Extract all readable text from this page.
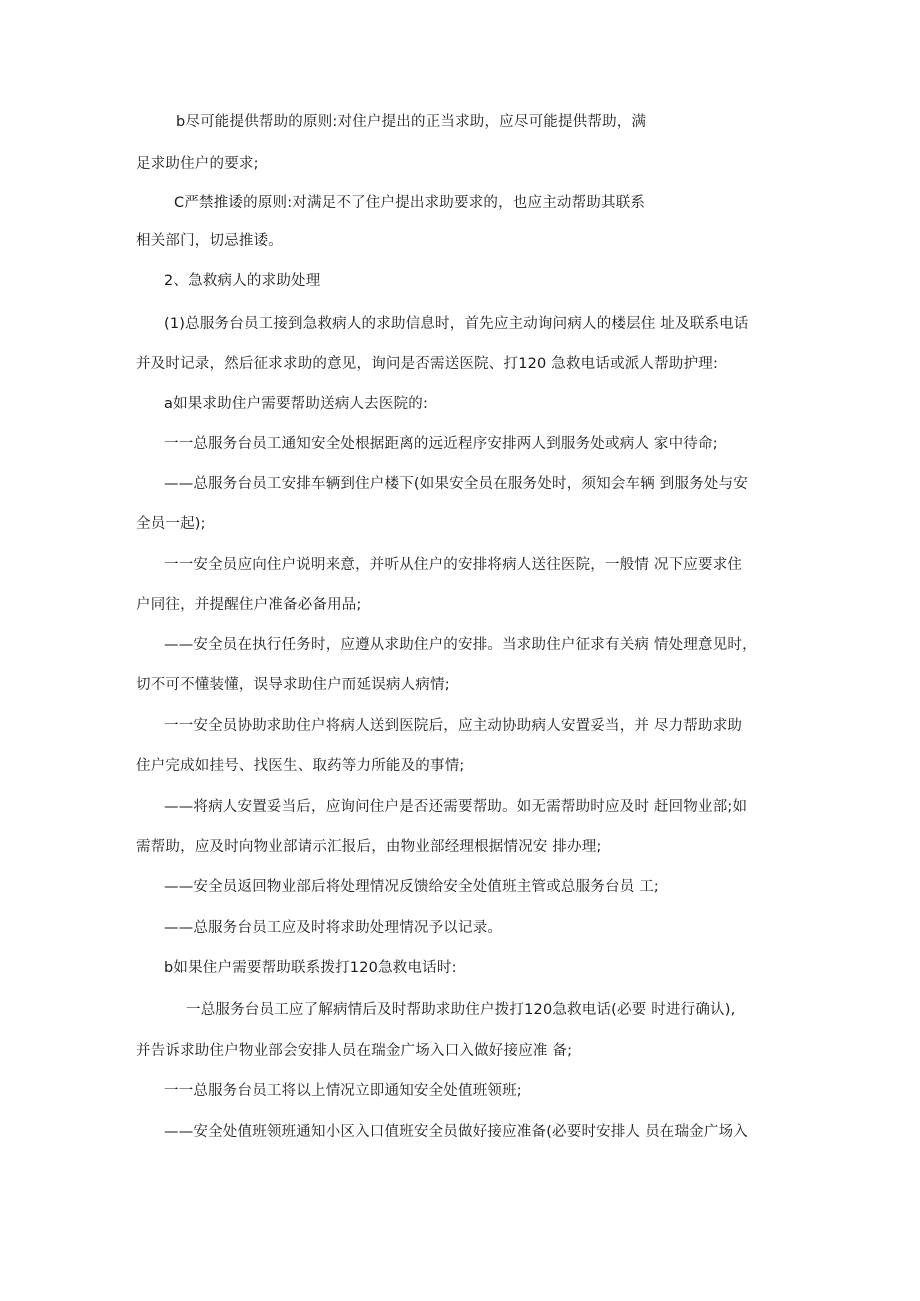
b尽可能提供帮助的原则:对住户提出的正当求助，应尽可能提供帮助，满
足求助住户的要求;
C严禁推诿的原则:对满足不了住户提出求助要求的，也应主动帮助其联系
相关部门，切忌推诿。
2、急救病人的求助处理
(1)总服务台员工接到急救病人的求助信息时，首先应主动询问病人的楼层住 址及联系电话
并及时记录，然后征求求助的意见，询问是否需送医院、打120 急救电话或派人帮助护理:
a如果求助住户需要帮助送病人去医院的:
一一总服务台员工通知安全处根据距离的远近程序安排两人到服务处或病人 家中待命;
——总服务台员工安排车辆到住户楼下(如果安全员在服务处时，须知会车辆 到服务处与安
全员一起);
一一安全员应向住户说明来意，并听从住户的安排将病人送往医院，一般情 况下应要求住
户同往，并提醒住户准备必备用品;
——安全员在执行任务时，应遵从求助住户的安排。当求助住户征求有关病 情处理意见时，
切不可不懂装懂，误导求助住户而延误病人病情;
一一安全员协助求助住户将病人送到医院后，应主动协助病人安置妥当，并 尽力帮助求助
住户完成如挂号、找医生、取药等力所能及的事情;
——将病人安置妥当后，应询问住户是否还需要帮助。如无需帮助时应及时 赶回物业部;如
需帮助，应及时向物业部请示汇报后，由物业部经理根据情况安 排办理;
——安全员返回物业部后将处理情况反馈给安全处值班主管或总服务台员 工;
——总服务台员工应及时将求助处理情况予以记录。
b如果住户需要帮助联系拨打120急救电话时:
一总服务台员工应了解病情后及时帮助求助住户拨打120急救电话(必要 时进行确认),
并告诉求助住户物业部会安排人员在瑞金广场入口入做好接应准 备;
一一总服务台员工将以上情况立即通知安全处值班领班;
——安全处值班领班通知小区入口值班安全员做好接应准备(必要时安排人 员在瑞金广场入
